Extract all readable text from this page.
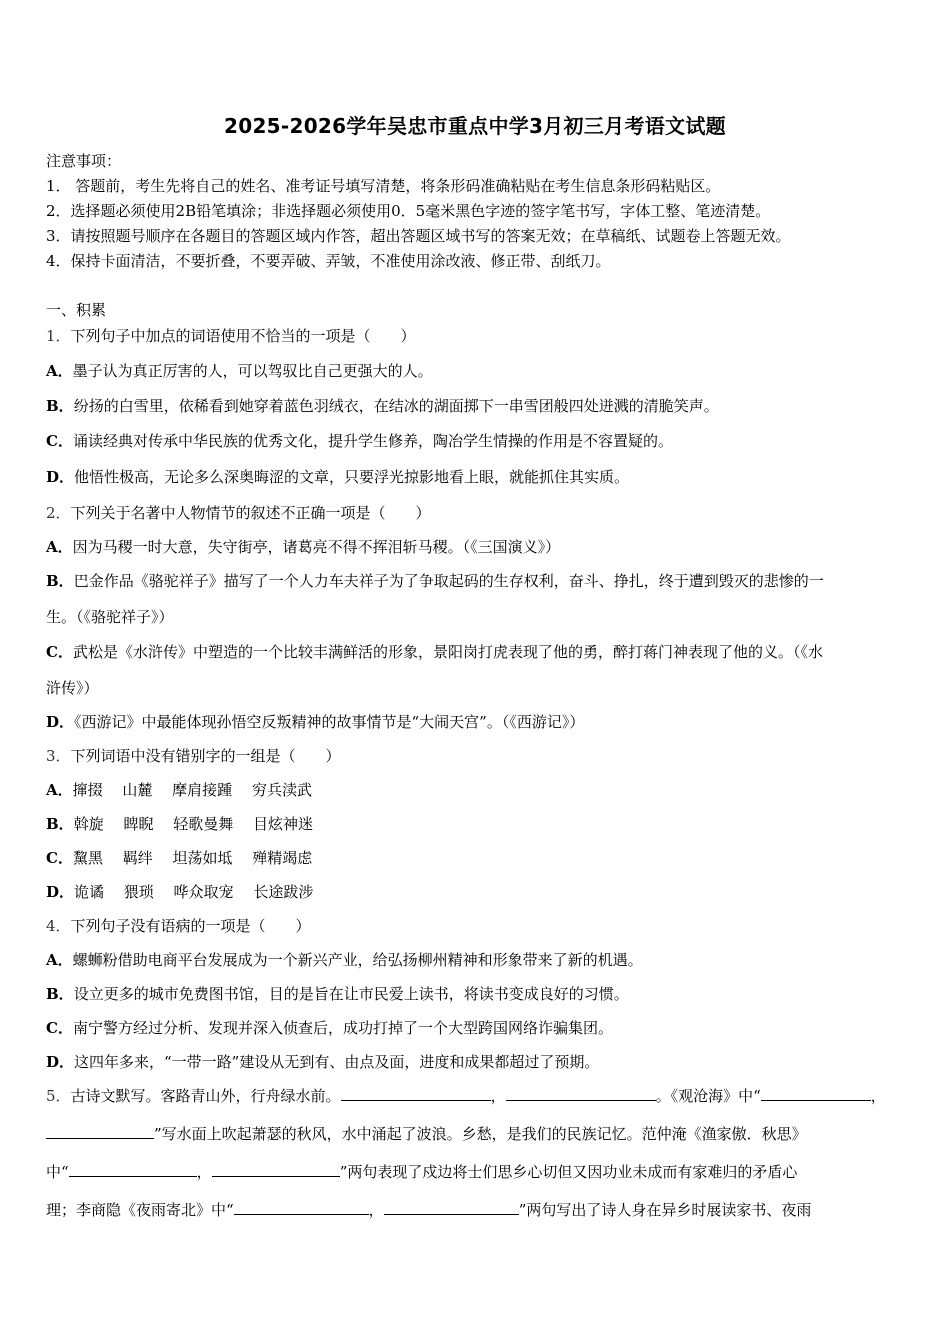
2025-2026学年吴忠市重点中学3月初三月考语文试题
注意事项：
1． 答题前，考生先将自己的姓名、准考证号填写清楚，将条形码准确粘贴在考生信息条形码粘贴区。
2．选择题必须使用2B铅笔填涂；非选择题必须使用0．5毫米黑色字迹的签字笔书写，字体工整、笔迹清楚。
3．请按照题号顺序在各题目的答题区域内作答，超出答题区域书写的答案无效；在草稿纸、试题卷上答题无效。
4．保持卡面清洁，不要折叠，不要弄破、弄皱，不准使用涂改液、修正带、刮纸刀。
一、积累
1．下列句子中加点的词语使用不恰当的一项是（　　）
A．墨子认为真正厉害的人，可以驾驭比自己更强大的人。
B．纷扬的白雪里，依稀看到她穿着蓝色羽绒衣，在结冰的湖面掷下一串雪团般四处迸溅的清脆笑声。
C．诵读经典对传承中华民族的优秀文化，提升学生修养，陶冶学生情操的作用是不容置疑的。
D．他悟性极高，无论多么深奥晦涩的文章，只要浮光掠影地看上眼，就能抓住其实质。
2．下列关于名著中人物情节的叙述不正确一项是（　　）
A．因为马稷一时大意，失守街亭，诸葛亮不得不挥泪斩马稷。（《三国演义》）
B．巴金作品《骆驼祥子》描写了一个人力车夫祥子为了争取起码的生存权利，奋斗、挣扎，终于遭到毁灭的悲惨的一
生。（《骆驼祥子》）
C．武松是《水浒传》中塑造的一个比较丰满鲜活的形象，景阳岗打虎表现了他的勇，醉打蒋门神表现了他的义。（《水
浒传》）
D．《西游记》中最能体现孙悟空反叛精神的故事情节是“大闹天宫”。（《西游记》）
3．下列词语中没有错别字的一组是（　　）
A．撺掇　 山麓　 摩肩接踵　 穷兵渎武
B．斡旋　 睥睨　 轻歌曼舞　 目炫神迷
C．黧黑　 羁绊　 坦荡如坻　 殚精竭虑
D．诡谲　 猥琐　 哗众取宠　 长途跋涉
4．下列句子没有语病的一项是（　　）
A．螺蛳粉借助电商平台发展成为一个新兴产业，给弘扬柳州精神和形象带来了新的机遇。
B．设立更多的城市免费图书馆，目的是旨在让市民爱上读书，将读书变成良好的习惯。
C．南宁警方经过分析、发现并深入侦查后，成功打掉了一个大型跨国网络诈骗集团。
D．这四年多来，“一带一路”建设从无到有、由点及面，进度和成果都超过了预期。
5．古诗文默写。客路青山外，行舟绿水前。	，	。《观沧海》中“	，
”写水面上吹起萧瑟的秋风，水中涌起了波浪。乡愁，是我们的民族记忆。范仲淹《渔家傲．秋思》
中“	，	”两句表现了戍边将士们思乡心切但又因功业未成而有家难归的矛盾心
理；李商隐《夜雨寄北》中“	，	”两句写出了诗人身在异乡时展读家书、夜雨
